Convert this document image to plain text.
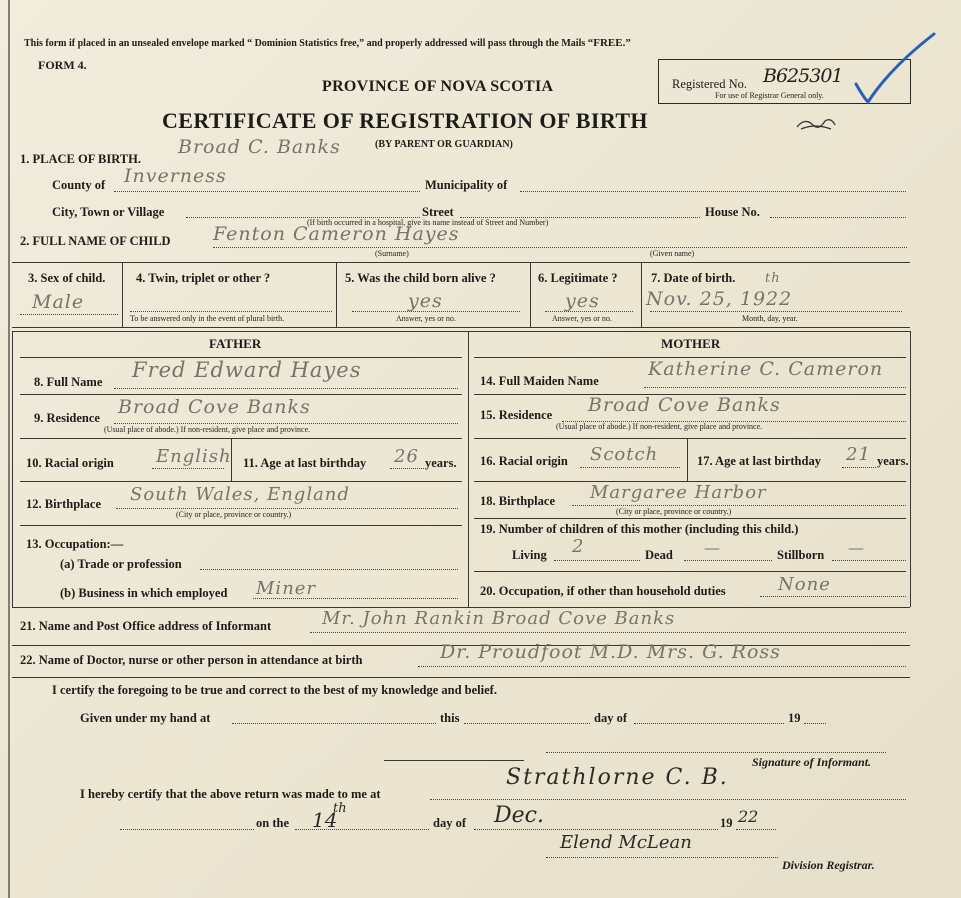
This form if placed in an unsealed envelope marked “ Dominion Statistics free,” and properly addressed will pass through the Mails “FREE.”
FORM 4.
PROVINCE OF NOVA SCOTIA
CERTIFICATE OF REGISTRATION OF BIRTH
(BY PARENT OR GUARDIAN)
Registered No. B625301
For use of Registrar General only.
1. PLACE OF BIRTH.
Broad C. Banks
County of Inverness	Municipality of
City, Town or Village	Street	House No.
(If birth occurred in a hospital, give its name instead of Street and Number)
2. FULL NAME OF CHILD Fenton Cameron Hayes
(Surname)	(Given name)
3. Sex of child.
Male
4. Twin, triplet or other ?
To be answered only in the event of plural birth.
5. Was the child born alive ?
yes
Answer, yes or no.
6. Legitimate ?
yes
Answer, yes or no.
7. Date of birth.
Nov. 25, 1922
th
Month, day, year.
FATHER	MOTHER
8. Full Name Fred Edward Hayes
9. Residence Broad Cove Banks
(Usual place of abode.) If non-resident, give place and province.
10. Racial origin English 11. Age at last birthday 26 years.
12. Birthplace South Wales, England
(City or place, province or country.)
13. Occupation:—
(a) Trade or profession
(b) Business in which employed Miner
14. Full Maiden Name
Katherine C. Cameron
15. Residence Broad Cove Banks
(Usual place of abode.) If non-resident, give place and province.
16. Racial origin Scotch	17. Age at last birthday 21 years.
18. Birthplace Margaree Harbor
(City or place, province or country.)
19. Number of children of this mother (including this child.)
Living 2	Dead —	Stillborn —
20. Occupation, if other than household duties	None
21. Name and Post Office address of Informant	Mr. John Rankin Broad Cove Banks
22. Name of Doctor, nurse or other person in attendance at birth	Dr. Proudfoot M.D. Mrs. G. Ross
I certify the foregoing to be true and correct to the best of my knowledge and belief.
Given under my hand at	this	day of	19
Signature of Informant.
I hereby certify that the above return was made to me at
Strathlorne C. B.
on the 14
th
day of Dec.	19 22
Elend McLean
Division Registrar.
